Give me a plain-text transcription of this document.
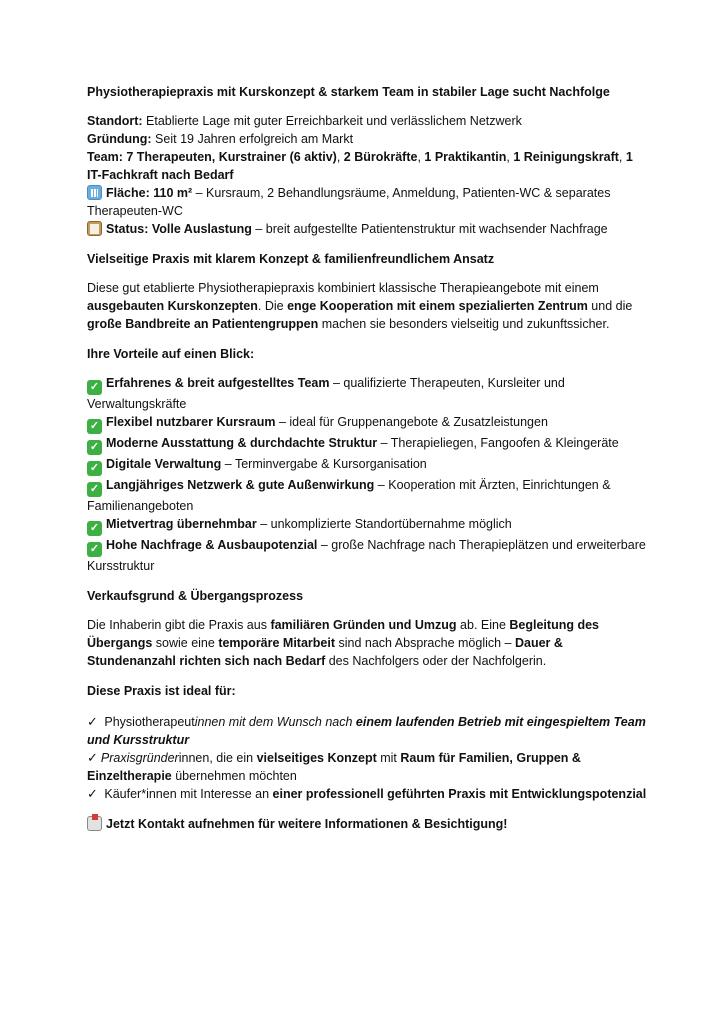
Physiotherapiepraxis mit Kurskonzept & starkem Team in stabiler Lage sucht Nachfolge

Standort: Etablierte Lage mit guter Erreichbarkeit und verlässlichem Netzwerk

Gründung: Seit 19 Jahren erfolgreich am Markt

Team: 7 Therapeuten, Kurstrainer (6 aktiv), 2 Bürokräfte, 1 Praktikantin, 1 Reinigungskraft, 1 IT-Fachkraft nach Bedarf

Fläche: 110 m² – Kursraum, 2 Behandlungsräume, Anmeldung, Patienten-WC & separates Therapeuten-WC

Status: Volle Auslastung – breit aufgestellte Patientenstruktur mit wachsender Nachfrage

Vielseitige Praxis mit klarem Konzept & familienfreundlichem Ansatz

Diese gut etablierte Physiotherapiepraxis kombiniert klassische Therapieangebote mit einem ausgebauten Kurskonzepten. Die enge Kooperation mit einem spezialierten Zentrum und die große Bandbreite an Patientengruppen machen sie besonders vielseitig und zukunftssicher.

Ihre Vorteile auf einen Blick:

✓ Erfahrenes & breit aufgestelltes Team – qualifizierte Therapeuten, Kursleiter und Verwaltungskräfte

✓ Flexibel nutzbarer Kursraum – ideal für Gruppenangebote & Zusatzleistungen

✓ Moderne Ausstattung & durchdachte Struktur – Therapieliegen, Fangoofen & Kleingeräte

✓ Digitale Verwaltung – Terminvergabe & Kursorganisation

✓ Langjähriges Netzwerk & gute Außenwirkung – Kooperation mit Ärzten, Einrichtungen & Familienangeboten

✓ Mietvertrag übernehmbar – unkomplizierte Standortübernahme möglich

✓ Hohe Nachfrage & Ausbaupotenzial – große Nachfrage nach Therapieplätzen und erweiterbare Kursstruktur

Verkaufsgrund & Übergangsprozess

Die Inhaberin gibt die Praxis aus familiären Gründen und Umzug ab. Eine Begleitung des Übergangs sowie eine temporäre Mitarbeit sind nach Absprache möglich – Dauer & Stundenanzahl richten sich nach Bedarf des Nachfolgers oder der Nachfolgerin.

Diese Praxis ist ideal für:

✓ Physiotherapeutinnen mit dem Wunsch nach einem laufenden Betrieb mit eingespieltem Team und Kursstruktur

✓ Praxisgründerinnen, die ein vielseitiges Konzept mit Raum für Familien, Gruppen & Einzeltherapie übernehmen möchten

✓ Käufer*innen mit Interesse an einer professionell geführten Praxis mit Entwicklungspotenzial

Jetzt Kontakt aufnehmen für weitere Informationen & Besichtigung!
